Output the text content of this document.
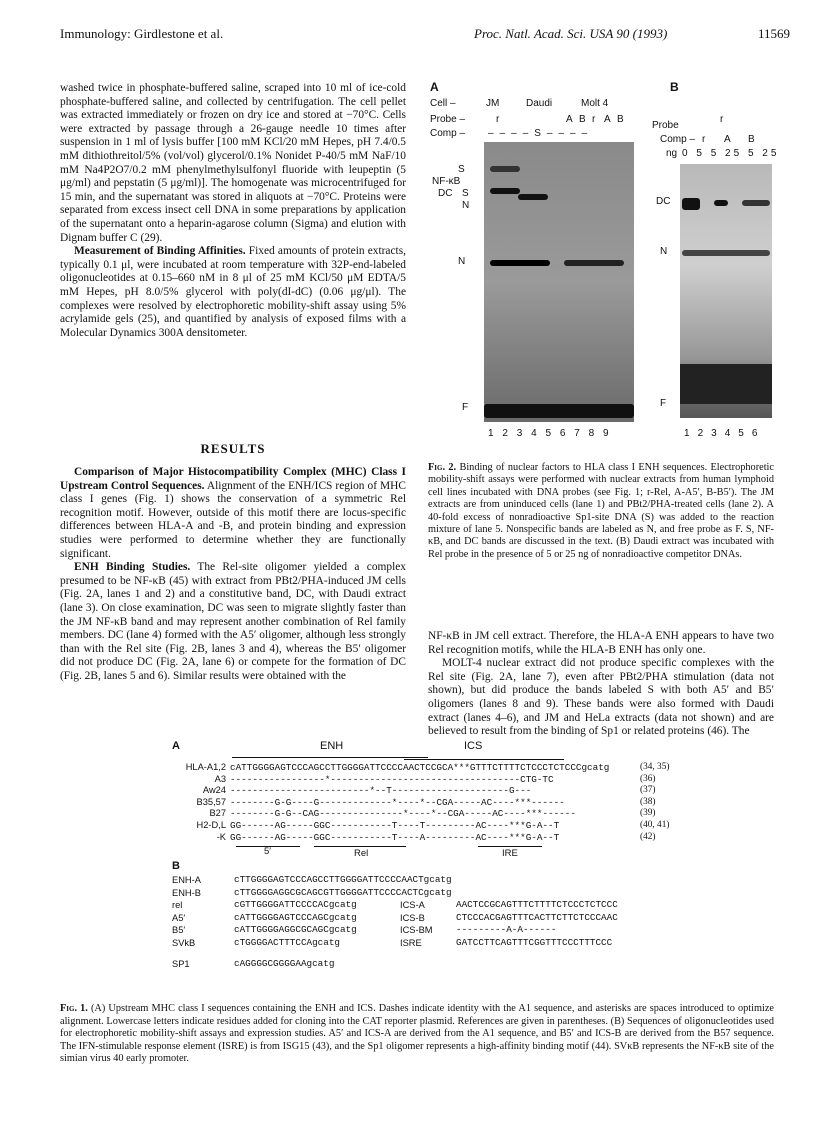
Immunology: Girdlestone et al.	Proc. Natl. Acad. Sci. USA 90 (1993)	11569

washed twice in phosphate-buffered saline, scraped into 10 ml of ice-cold phosphate-buffered saline, and collected by centrifugation. The cell pellet was extracted immediately or frozen on dry ice and stored at −70°C. Cells were extracted by passage through a 26-gauge needle 10 times after suspension in 1 ml of lysis buffer [100 mM KCl/20 mM Hepes, pH 7.4/0.5 mM dithiothreitol/5% (vol/vol) glycerol/0.1% Nonidet P-40/5 mM NaF/10 mM Na4P2O7/0.2 mM phenylmethylsulfonyl fluoride with leupeptin (5 μg/ml) and pepstatin (5 μg/ml)]. The homogenate was microcentrifuged for 15 min, and the supernatant was stored in aliquots at −70°C. Proteins were separated from excess insect cell DNA in some preparations by application of the supernatant onto a heparin-agarose column (Sigma) and elution with Dignam buffer C (29).

Measurement of Binding Affinities. Fixed amounts of protein extracts, typically 0.1 μl, were incubated at room temperature with 32P-end-labeled oligonucleotides at 0.15–660 nM in 8 μl of 25 mM KCl/50 μM EDTA/5 mM Hepes, pH 8.0/5% glycerol with poly(dI-dC) (0.06 μg/μl). The complexes were resolved by electrophoretic mobility-shift assay using 5% acrylamide gels (25), and quantified by analysis of exposed films with a Molecular Dynamics 300A densitometer.

RESULTS

Comparison of Major Histocompatibility Complex (MHC) Class I Upstream Control Sequences. Alignment of the ENH/ICS region of MHC class I genes (Fig. 1) shows the conservation of a symmetric Rel recognition motif. However, outside of this motif there are locus-specific differences between HLA-A and -B, and protein binding and expression studies were performed to determine whether they are functionally significant.

ENH Binding Studies. The Rel-site oligomer yielded a complex presumed to be NF-κB (45) with extract from PBt2/PHA-induced JM cells (Fig. 2A, lanes 1 and 2) and a constitutive band, DC, with Daudi extract (lane 3). On close examination, DC was seen to migrate slightly faster than the JM NF-κB band and may represent another combination of Rel family members. DC (lane 4) formed with the A5′ oligomer, although less strongly than with the Rel site (Fig. 2B, lanes 3 and 4), whereas the B5′ oligomer did not produce DC (Fig. 2A, lane 6) or compete for the formation of DC (Fig. 2B, lanes 5 and 6). Similar results were obtained with the

A
Cell –	JM	Daudi	Molt 4
Probe –	r	A B r A B
Comp – ––––S––––
S
NF-κB
DC S
N
N
F
123456789
B
Probe
r
Comp – r A B
ng 0 5 5 25 5 25
DC
N
F
123456
Fig. 2. Binding of nuclear factors to HLA class I ENH sequences. Electrophoretic mobility-shift assays were performed with nuclear extracts from human lymphoid cell lines incubated with DNA probes (see Fig. 1; r-Rel, A-A5′, B-B5′). The JM extracts are from uninduced cells (lane 1) and PBt2/PHA-treated cells (lane 2). A 40-fold excess of nonradioactive Sp1-site DNA (S) was added to the reaction mixture of lane 5. Nonspecific bands are labeled as N, and free probe as F. S, NF-κB, and DC bands are discussed in the text. (B) Daudi extract was incubated with Rel probe in the presence of 5 or 25 ng of nonradioactive competitor DNAs.

NF-κB in JM cell extract. Therefore, the HLA-A ENH appears to have two Rel recognition motifs, while the HLA-B ENH has only one.

MOLT-4 nuclear extract did not produce specific complexes with the Rel site (Fig. 2A, lane 7), even after PBt2/PHA stimulation (data not shown), but did produce the bands labeled S with both A5′ and B5′ oligomers (lanes 8 and 9). These bands were also formed with Daudi extract (lanes 4–6), and JM and HeLa extracts (data not shown) and are believed to result from the binding of Sp1 or related proteins (46). The

A	ENH	ICS
HLA-A1,2 cATTGGGGAGTCCCAGCCTTGGGGATTCCCCAACTCCGCA***GTTTCTTTTCTCCCTCTCCCgcatg	(34, 35)
A3 -----------------*----------------------------------CTG-TC	(36)
Aw24 -------------------------*--T---------------------G---	(37)
B35,57 --------G-G----G-------------*----*--CGA-----AC----***------	(38)
B27 --------G-G--CAG---------------*----*--CGA-----AC----***------	(39)
H2-D,L GG------AG-----GGC-----------T----T---------AC----***G-A--T	(40, 41)
-K GG------AG-----GGC-----------T----A---------AC----***G-A--T	(42)
5′	Rel	IRE
B
ENH-A	cTTGGGGAGTCCCAGCCTTGGGGATTCCCCAACTgcatg
ENH-B	cTTGGGGAGGCGCAGCGTTGGGGATTCCCCACTCgcatg
rel	cGTTGGGGATTCCCCACgcatg
A5′	cATTGGGGAGTCCCAGCgcatg
B5′	cATTGGGGAGGCGCAGCgcatg
SVkB	cTGGGGACTTTCCAgcatg
SP1	cAGGGGCGGGGAAgcatg
ICS-A	AACTCCGCAGTTTCTTTTCTCCCTCTCCC
ICS-B	CTCCCACGAGTTTCACTTCTTCTCCCAAC
ICS-BM	---------A-A------
ISRE	GATCCTTCAGTTTCGGTTTCCCTTTCCC
Fig. 1. (A) Upstream MHC class I sequences containing the ENH and ICS. Dashes indicate identity with the A1 sequence, and asterisks are spaces introduced to optimize alignment. Lowercase letters indicate residues added for cloning into the CAT reporter plasmid. References are given in parentheses. (B) Sequences of oligonucleotides used for electrophoretic mobility-shift assays and expression studies. A5′ and ICS-A are derived from the A1 sequence, and B5′ and ICS-B are derived from the B57 sequence. The IFN-stimulable response element (ISRE) is from ISG15 (43), and the Sp1 oligomer represents a high-affinity binding motif (44). SVκB represents the NF-κB site of the simian virus 40 early promoter.
